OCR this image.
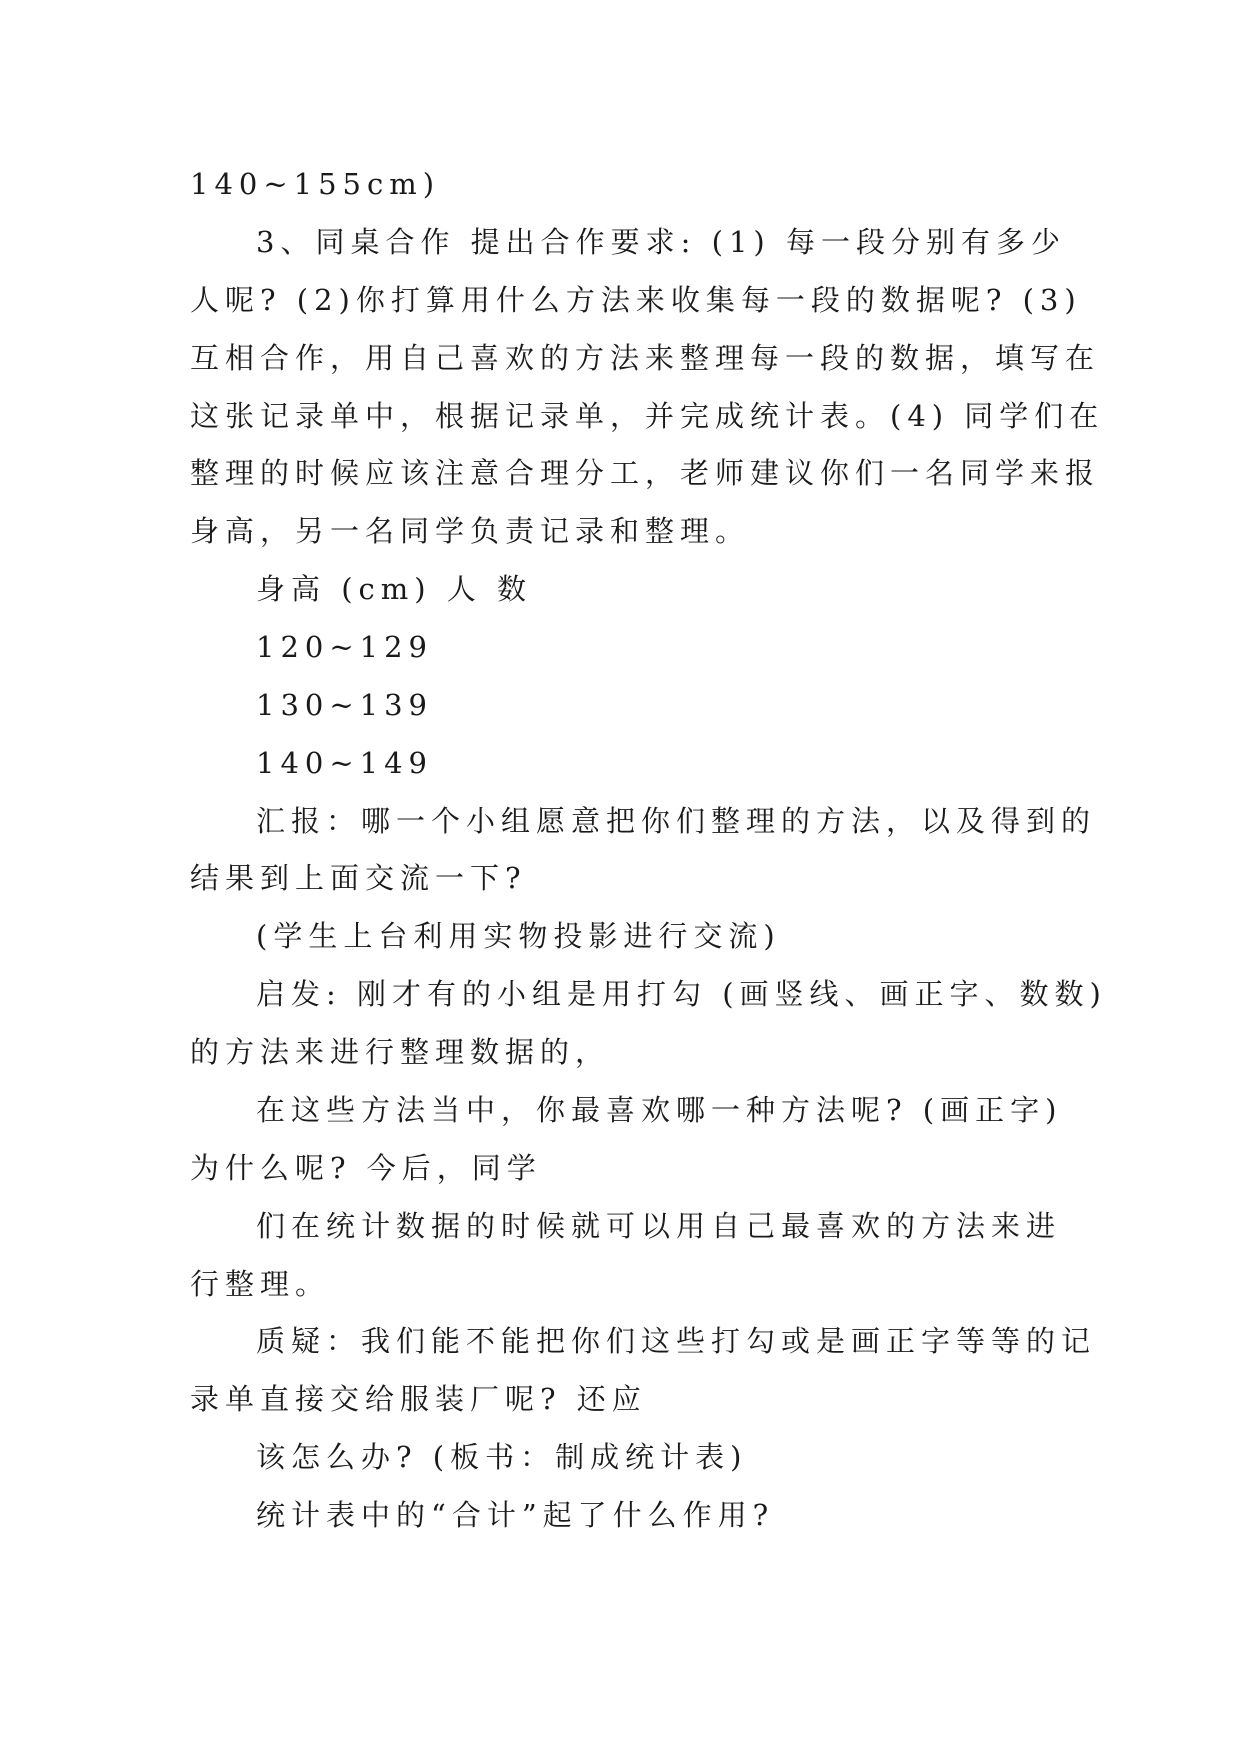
140~155cm)
3、同桌合作 提出合作要求: (1) 每一段分别有多少
人呢? (2)你打算用什么方法来收集每一段的数据呢? (3)
互相合作，用自己喜欢的方法来整理每一段的数据，填写在
这张记录单中，根据记录单，并完成统计表。(4) 同学们在
整理的时候应该注意合理分工，老师建议你们一名同学来报
身高，另一名同学负责记录和整理。
身高 (cm) 人 数
120~129
130~139
140~149
汇报：哪一个小组愿意把你们整理的方法，以及得到的
结果到上面交流一下?
(学生上台利用实物投影进行交流)
启发: 刚才有的小组是用打勾 (画竖线、画正字、数数)
的方法来进行整理数据的，
在这些方法当中，你最喜欢哪一种方法呢? (画正字)
为什么呢? 今后，同学
们在统计数据的时候就可以用自己最喜欢的方法来进
行整理。
质疑：我们能不能把你们这些打勾或是画正字等等的记
录单直接交给服装厂呢? 还应
该怎么办? (板书：制成统计表)
统计表中的“合计”起了什么作用?
